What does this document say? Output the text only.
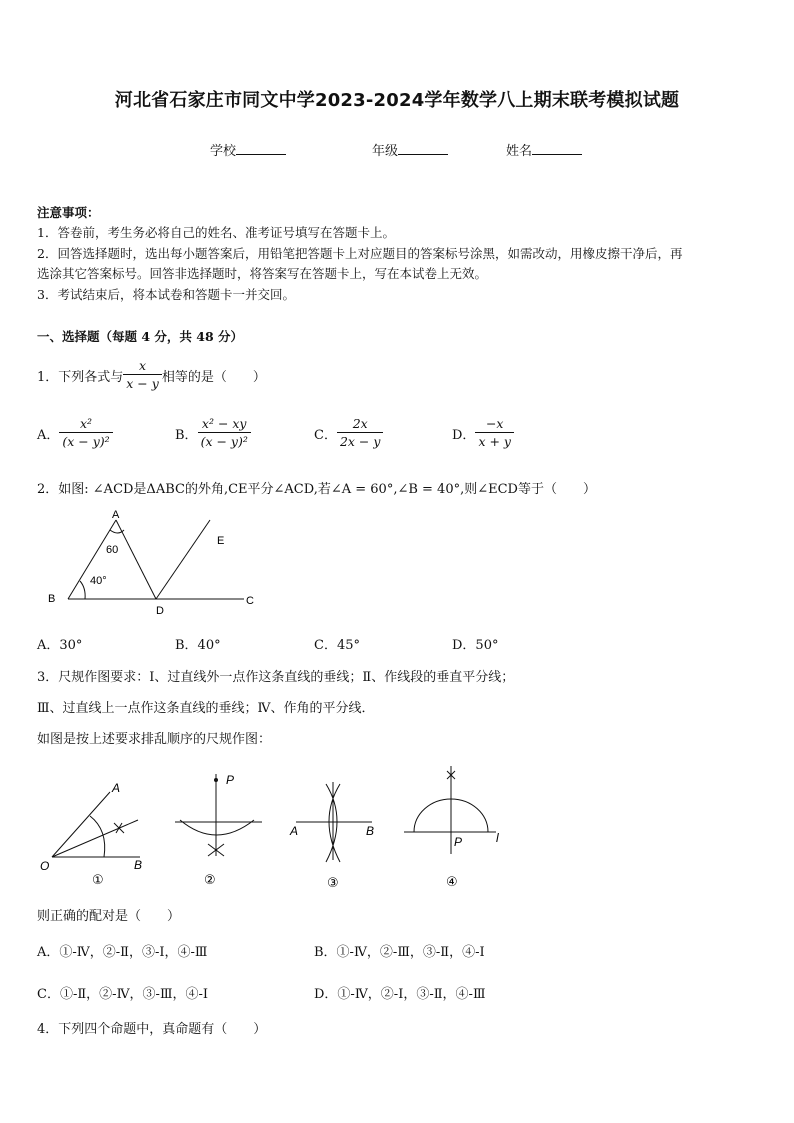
河北省石家庄市同文中学2023-2024学年数学八上期末联考模拟试题
学校	年级	姓名
注意事项：
1．答卷前，考生务必将自己的姓名、准考证号填写在答题卡上。
2．回答选择题时，选出每小题答案后，用铅笔把答题卡上对应题目的答案标号涂黑，如需改动，用橡皮擦干净后，再
选涂其它答案标号。回答非选择题时，将答案写在答题卡上，写在本试卷上无效。
3．考试结束后，将本试卷和答题卡一并交回。
一、选择题（每题 4 分，共 48 分）
1．下列各式与 $\frac{x}{x - y}$ 相等的是（　　）
A． $\frac{\text{x²}}{\text{(x − y)²}}$	B． $\frac{\text{x² − xy}}{\text{(x − y)²}}$	C． $\frac{2x}{2x - y}$	D． $\frac{-x}{x + y}$
2．如图: ∠ACD是ΔABC的外角,CE平分∠ACD,若∠A = 60°,∠B = 40°,则∠ECD等于（　　）
A
B
D
C
E
60
40°
A．30°	B．40°	C．45°	D．50°
3．尺规作图要求：Ⅰ、过直线外一点作这条直线的垂线；Ⅱ、作线段的垂直平分线；
Ⅲ、过直线上一点作这条直线的垂线；Ⅳ、作角的平分线．
如图是按上述要求排乱顺序的尺规作图：
A
O	B
①
P
②
A	B
③
P	l
④
则正确的配对是（　　）
A．①-Ⅳ，②-Ⅱ，③-Ⅰ，④-Ⅲ	B．①-Ⅳ，②-Ⅲ，③-Ⅱ，④-Ⅰ
C．①-Ⅱ，②-Ⅳ，③-Ⅲ，④-Ⅰ	D．①-Ⅳ，②-Ⅰ，③-Ⅱ，④-Ⅲ
4．下列四个命题中，真命题有（　　）
